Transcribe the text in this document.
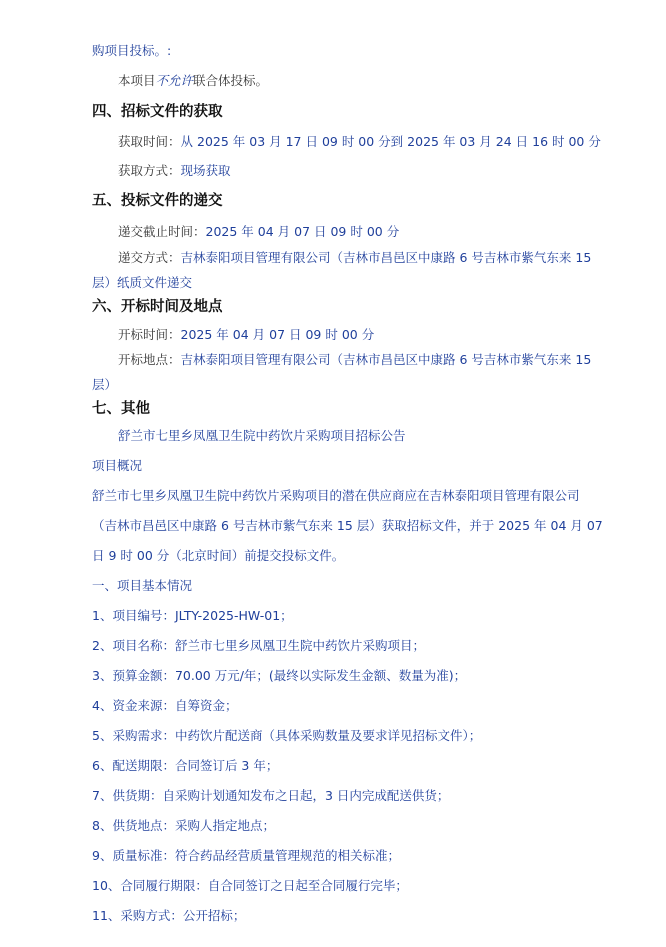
购项目投标。:
本项目不允许联合体投标。
四、招标文件的获取
获取时间：从 2025 年 03 月 17 日 09 时 00 分到 2025 年 03 月 24 日 16 时 00 分
获取方式：现场获取
五、投标文件的递交
递交截止时间：2025 年 04 月 07 日 09 时 00 分
递交方式：吉林泰阳项目管理有限公司（吉林市昌邑区中康路 6 号吉林市紫气东来 15
层）纸质文件递交
六、开标时间及地点
开标时间：2025 年 04 月 07 日 09 时 00 分
开标地点：吉林泰阳项目管理有限公司（吉林市昌邑区中康路 6 号吉林市紫气东来 15
层）
七、其他
舒兰市七里乡凤凰卫生院中药饮片采购项目招标公告
项目概况
舒兰市七里乡凤凰卫生院中药饮片采购项目的潜在供应商应在吉林泰阳项目管理有限公司
（吉林市昌邑区中康路 6 号吉林市紫气东来 15 层）获取招标文件，并于 2025 年 04 月 07
日 9 时 00 分（北京时间）前提交投标文件。
一、项目基本情况
1、项目编号：JLTY-2025-HW-01；
2、项目名称：舒兰市七里乡凤凰卫生院中药饮片采购项目；
3、预算金额：70.00 万元/年；(最终以实际发生金额、数量为准)；
4、资金来源：自筹资金；
5、采购需求：中药饮片配送商（具体采购数量及要求详见招标文件）；
6、配送期限：合同签订后 3 年；
7、供货期：自采购计划通知发布之日起，3 日内完成配送供货；
8、供货地点：采购人指定地点；
9、质量标准：符合药品经营质量管理规范的相关标准；
10、合同履行期限：自合同签订之日起至合同履行完毕；
11、采购方式：公开招标；
